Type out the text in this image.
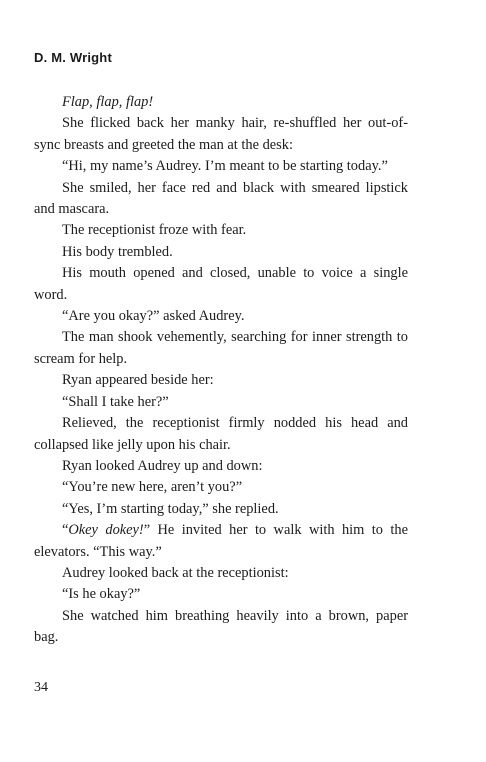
D. M. Wright

Flap, flap, flap!

She flicked back her manky hair, re-shuffled her out-of-sync breasts and greeted the man at the desk:

“Hi, my name’s Audrey. I’m meant to be starting today.”

She smiled, her face red and black with smeared lipstick and mascara.

The receptionist froze with fear.

His body trembled.

His mouth opened and closed, unable to voice a single word.

“Are you okay?” asked Audrey.

The man shook vehemently, searching for inner strength to scream for help.

Ryan appeared beside her:

“Shall I take her?”

Relieved, the receptionist firmly nodded his head and collapsed like jelly upon his chair.

Ryan looked Audrey up and down:

“You’re new here, aren’t you?”

“Yes, I’m starting today,” she replied.

“Okey dokey!” He invited her to walk with him to the elevators. “This way.”

Audrey looked back at the receptionist:

“Is he okay?”

She watched him breathing heavily into a brown, paper bag.

34
